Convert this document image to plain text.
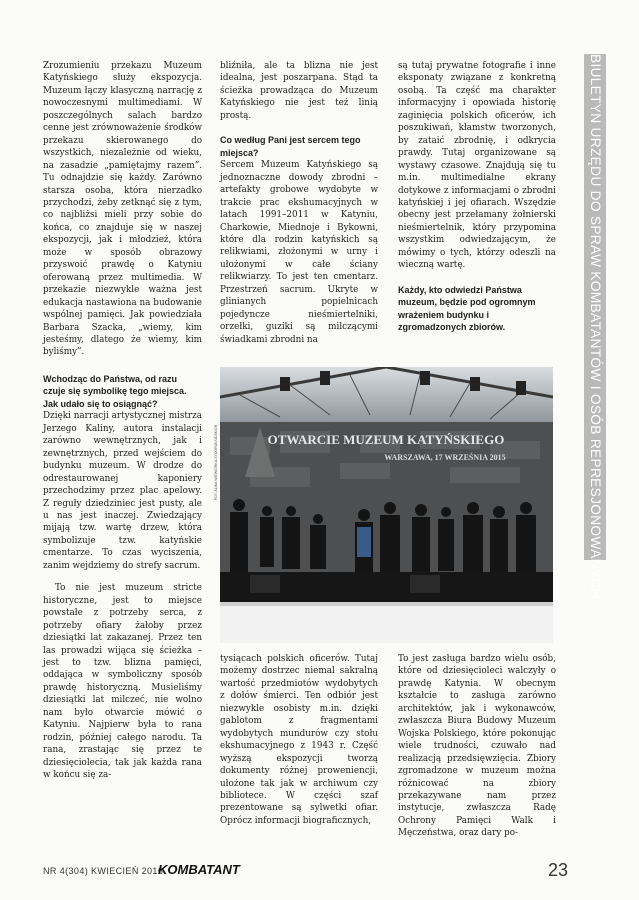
Zrozumieniu przekazu Muzeum Katyńskiego służy ekspozycja. Muzeum łączy klasyczną narrację z nowoczesnymi multimediami. W poszczególnych salach bardzo cenne jest zrównoważenie środków przekazu skierowanego do wszystkich, niezależnie od wieku, na zasadzie „pamiętajmy razem”. Tu odnajdzie się każdy. Zarówno starsza osoba, która nierzadko przychodzi, żeby zetknąć się z tym, co najbliżsi mieli przy sobie do końca, co znajduje się w naszej ekspozycji, jak i młodzież, która może w sposób obrazowy przyswoić prawdę o Katyniu oferowaną przez multimedia. W przekazie niezwykle ważna jest edukacja nastawiona na budowanie wspólnej pamięci. Jak powiedziała Barbara Szacka, „wiemy, kim jesteśmy, dlatego że wiemy, kim byliśmy”.

Wchodząc do Państwa, od razu czuje się symbolikę tego miejsca. Jak udało się to osiągnąć?

Dzięki narracji artystycznej mistrza Jerzego Kaliny, autora instalacji zarówno wewnętrznych, jak i zewnętrznych, przed wejściem do budynku muzeum. W drodze do odrestaurowanej kaponiery przechodzimy przez plac apelowy. Z reguły dziedziniec jest pusty, ale u nas jest inaczej. Zwiedzający mijają tzw. wartę drzew, która symbolizuje tzw. katyńskie cmentarze. To czas wyciszenia, zanim wejdziemy do strefy sacrum.

To nie jest muzeum stricte historyczne, jest to miejsce powstałe z potrzeby serca, z potrzeby ofiary żałoby przez dziesiątki lat zakazanej. Przez ten las prowadzi wijąca się ścieżka – jest to tzw. blizna pamięci, oddająca w symboliczny sposób prawdę historyczną. Musieliśmy dziesiątki lat milczeć, nie wolno nam było otwarcie mówić o Katyniu. Najpierw była to rana rodzin, później całego narodu. Ta rana, zrastając się przez te dziesięciolecia, tak jak każda rana w końcu się za-

bliźniła, ale ta blizna nie jest idealna, jest poszarpana. Stąd ta ścieżka prowadząca do Muzeum Katyńskiego nie jest też linią prostą.

Co według Pani jest sercem tego miejsca?

Sercem Muzeum Katyńskiego są jednoznaczne dowody zbrodni – artefakty grobowe wydobyte w trakcie prac ekshumacyjnych w latach 1991–2011 w Katyniu, Charkowie, Miednoje i Bykowni, które dla rodzin katyńskich są relikwiami, złożonymi w urny i ułożonymi w całe ściany relikwiarzy. To jest ten cmentarz. Przestrzeń sacrum. Ukryte w glinianych popielnicach pojedyncze nieśmiertelniki, orzełki, guziki są milczącymi świadkami zbrodni na

są tutaj prywatne fotografie i inne eksponaty związane z konkretną osobą. Ta część ma charakter informacyjny i opowiada historię zaginięcia polskich oficerów, ich poszukiwań, kłamstw tworzonych, by zataić zbrodnię, i odkrycia prawdy. Tutaj organizowane są wystawy czasowe. Znajdują się tu m.in. multimedialne ekrany dotykowe z informacjami o zbrodni katyńskiej i jej ofiarach. Wszędzie obecny jest przełamany żołnierski nieśmiertelnik, który przypomina wszystkim odwiedzającym, że mówimy o tych, którzy odeszli na wieczną wartę.

Każdy, kto odwiedzi Państwa muzeum, będzie pod ogromnym wrażeniem budynku i zgromadzonych zbiorów.

FOT. ALINA WIEWIÓRKA-SYDORUK/UDSKiOR	OTWARCIE MUZEUM KATYŃSKIEGO
WARSZAWA, 17 WRZEŚNIA 2015

tysiącach polskich oficerów. Tutaj możemy dostrzec niemal sakralną wartość przedmiotów wydobytych z dołów śmierci. Ten odbiór jest niezwykle osobisty m.in. dzięki gablotom z fragmentami wydobytych mundurów czy stołu ekshumacyjnego z 1943 r. Część wyższą ekspozycji tworzą dokumenty różnej proweniencji, ułożone tak jak w archiwum czy bibliotece. W części szaf prezentowane są sylwetki ofiar. Oprócz informacji biograficznych,

To jest zasługa bardzo wielu osób, które od dziesięcioleci walczyły o prawdę Katynia. W obecnym kształcie to zasługa zarówno architektów, jak i wykonawców, zwłaszcza Biura Budowy Muzeum Wojska Polskiego, które pokonując wiele trudności, czuwało nad realizacją przedsięwzięcia. Zbiory zgromadzone w muzeum można różnicować na zbiory przekazywane nam przez instytucje, zwłaszcza Radę Ochrony Pamięci Walk i Męczeństwa, oraz dary po-

BIULETYN URZĘDU DO SPRAW KOMBATANTÓW I OSÓB REPRESJONOWANYCH
NR 4(304) KWIECIEŃ 2016
KOMBATANT	23
